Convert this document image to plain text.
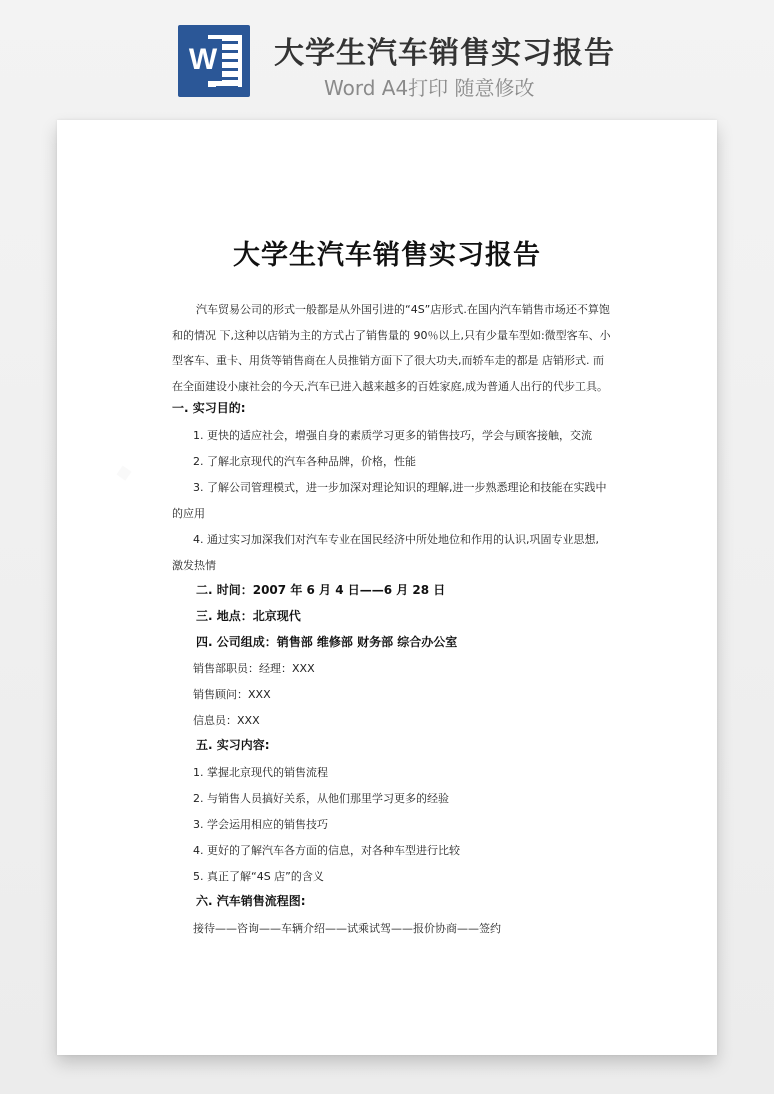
W 大学生汽车销售实习报告
Word A4打印 随意修改
大学生汽车销售实习报告
汽车贸易公司的形式一般都是从外国引进的“4S”店形式.在国内汽车销售市场还不算饱和的情况 下,这种以店销为主的方式占了销售量的 90％以上,只有少量车型如:微型客车、小型客车、重卡、用货等销售商在人员推销方面下了很大功夫,而轿车走的都是 店销形式. 而在全面建设小康社会的今天,汽车已进入越来越多的百姓家庭,成为普通人出行的代步工具。
一. 实习目的:
1. 更快的适应社会，增强自身的素质学习更多的销售技巧，学会与顾客接触，交流
2. 了解北京现代的汽车各种品牌，价格，性能
3. 了解公司管理模式，进一步加深对理论知识的理解,进一步熟悉理论和技能在实践中
的应用
4. 通过实习加深我们对汽车专业在国民经济中所处地位和作用的认识,巩固专业思想,
激发热情
二. 时间：2007 年 6 月 4 日——6 月 28 日
三. 地点：北京现代
四. 公司组成：销售部 维修部 财务部 综合办公室
销售部职员：经理：XXX
销售顾问：XXX
信息员：XXX
五. 实习内容:
1. 掌握北京现代的销售流程
2. 与销售人员搞好关系，从他们那里学习更多的经验
3. 学会运用相应的销售技巧
4. 更好的了解汽车各方面的信息，对各种车型进行比较
5. 真正了解“4S 店”的含义
六. 汽车销售流程图:
接待——咨询——车辆介绍——试乘试驾——报价协商——签约
